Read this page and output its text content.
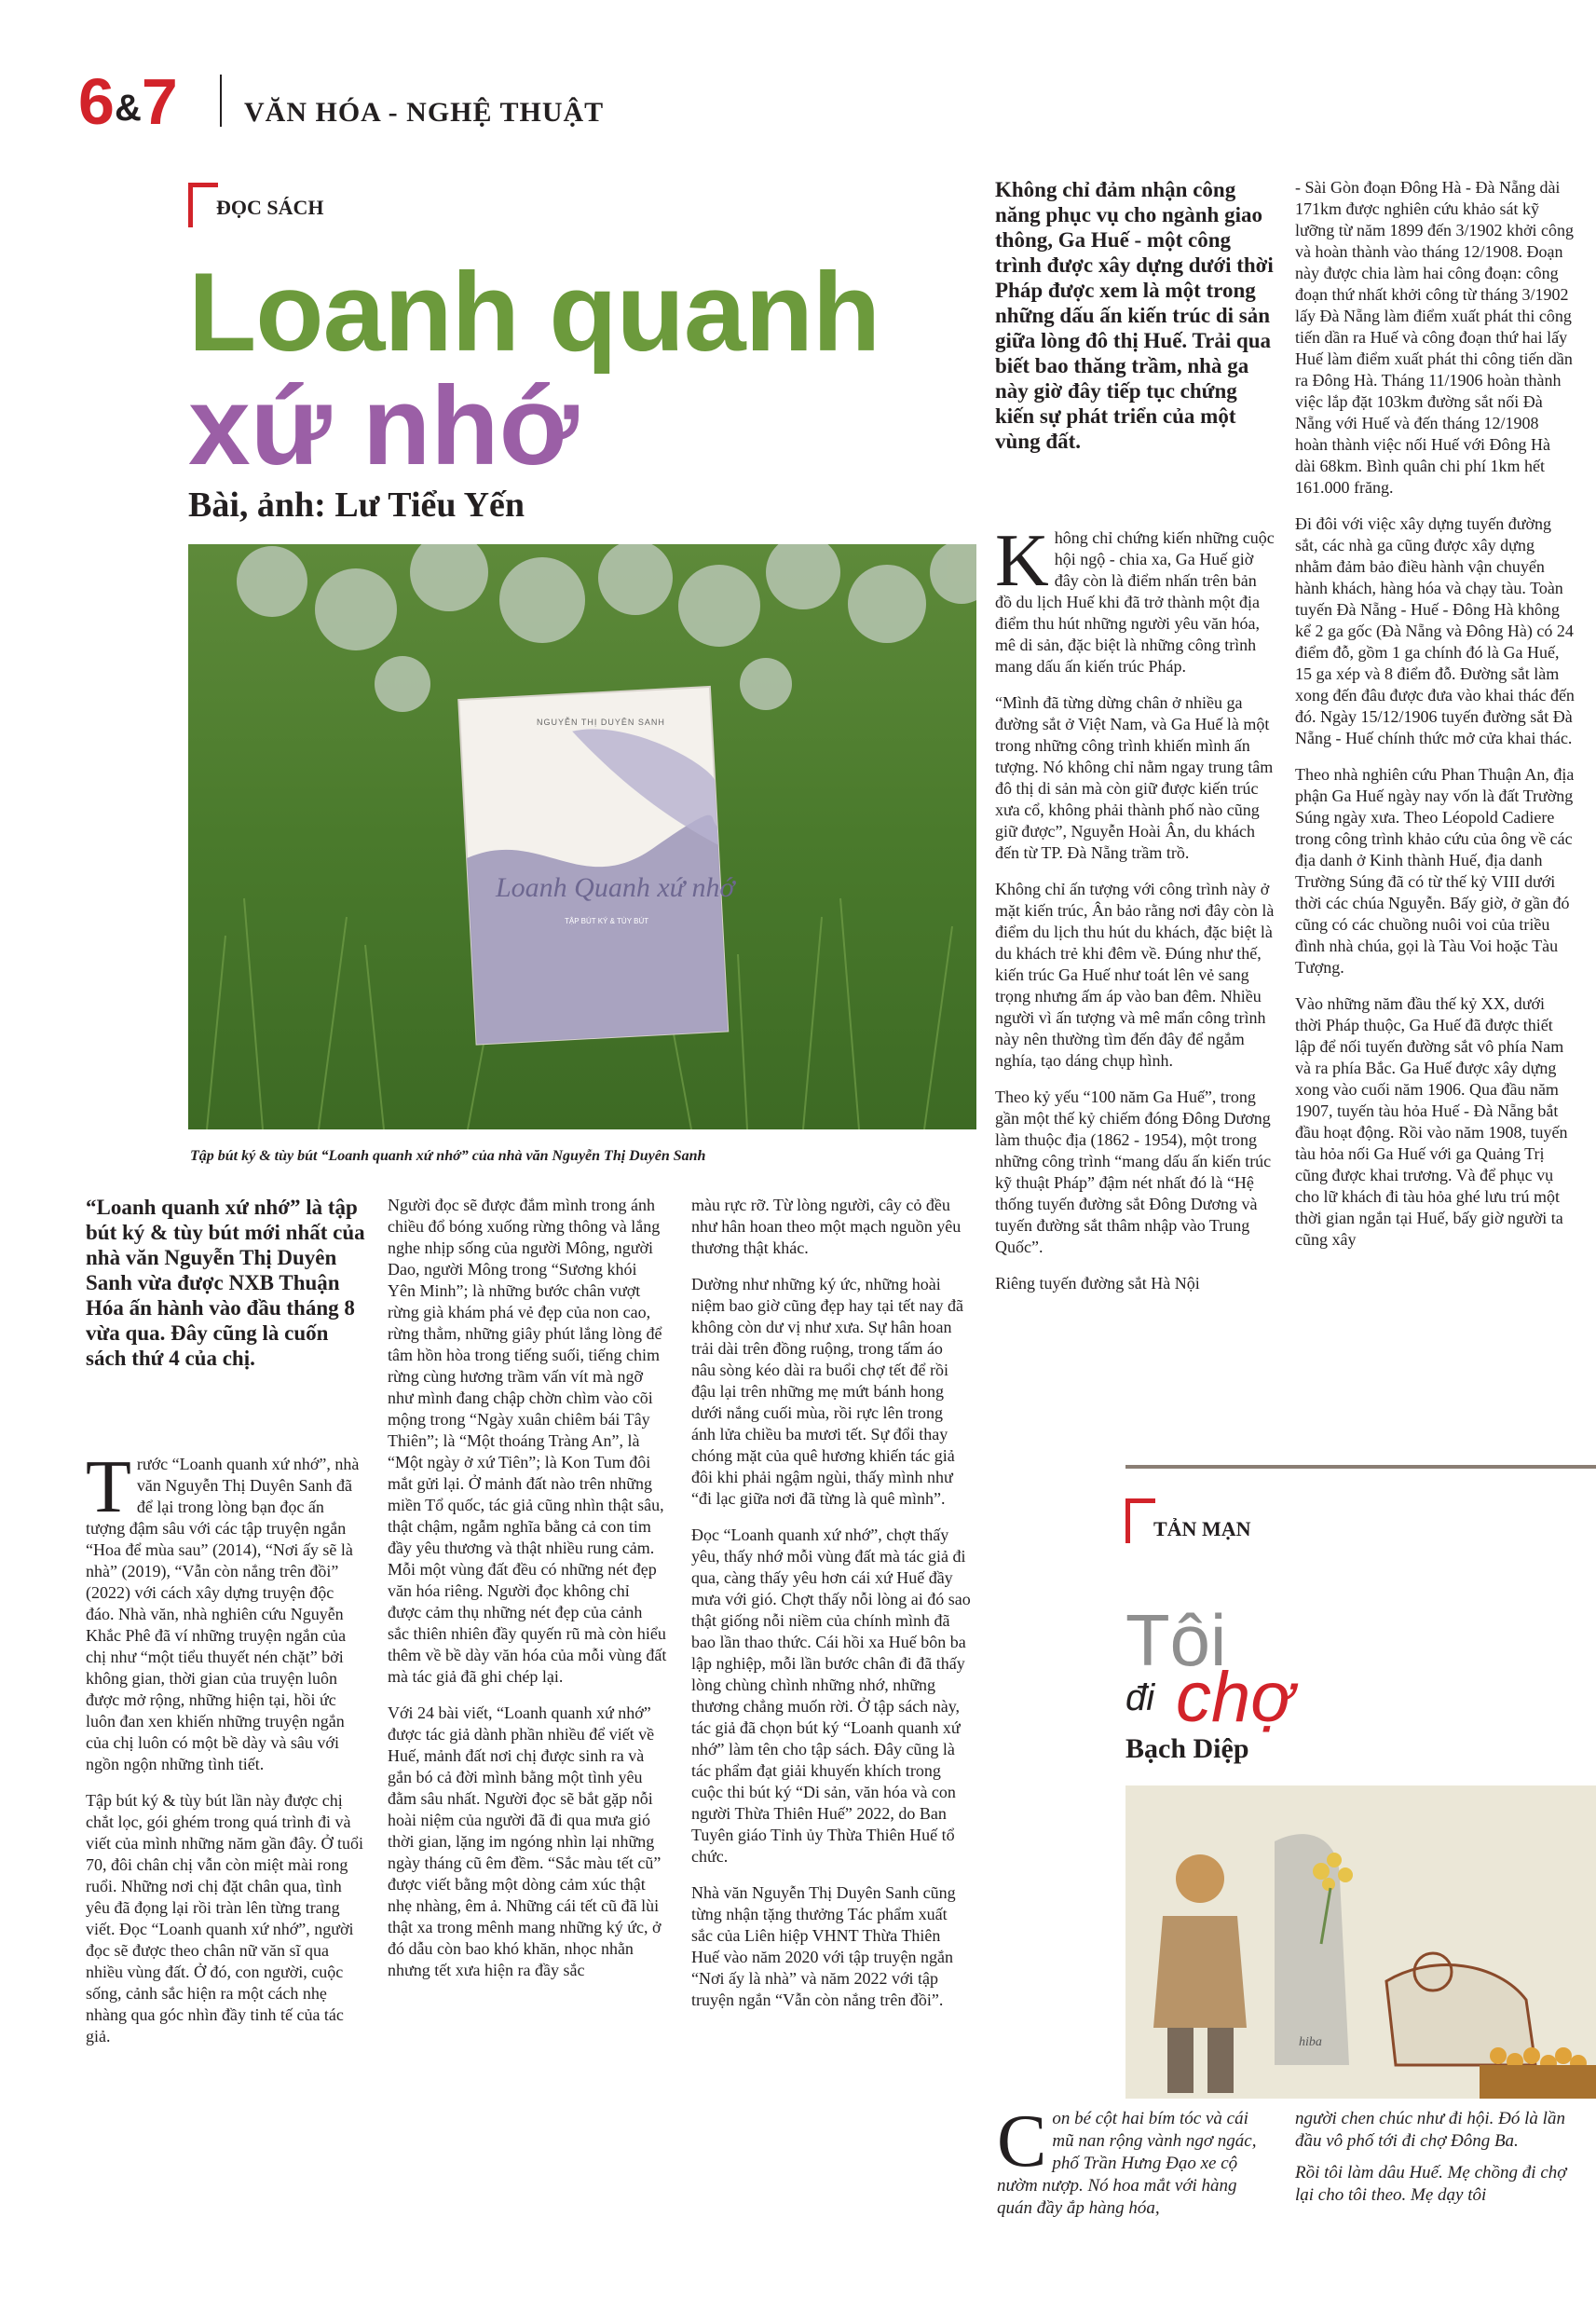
6&7 VĂN HÓA - NGHỆ THUẬT
ĐỌC SÁCH
Loanh quanh
xứ nhớ
Bài, ảnh: Lư Tiểu Yến
NGUYỄN THỊ DUYÊN SANH
Loanh Quanh xứ nhớ
TẬP BÚT KÝ & TÙY BÚT
Tập bút ký & tùy bút “Loanh quanh xứ nhớ” của nhà văn Nguyễn Thị Duyên Sanh
“Loanh quanh xứ nhớ” là tập bút ký & tùy bút mới nhất của nhà văn Nguyễn Thị Duyên Sanh vừa được NXB Thuận Hóa ấn hành vào đầu tháng 8 vừa qua. Đây cũng là cuốn sách thứ 4 của chị.

Trước “Loanh quanh xứ nhớ”, nhà văn Nguyễn Thị Duyên Sanh đã để lại trong lòng bạn đọc ấn tượng đậm sâu với các tập truyện ngắn “Hoa để mùa sau” (2014), “Nơi ấy sẽ là nhà” (2019), “Vẫn còn nắng trên đồi” (2022) với cách xây dựng truyện độc đáo. Nhà văn, nhà nghiên cứu Nguyễn Khắc Phê đã ví những truyện ngắn của chị như “một tiểu thuyết nén chặt” bởi không gian, thời gian của truyện luôn được mở rộng, những hiện tại, hồi ức luôn đan xen khiến những truyện ngắn của chị luôn có một bề dày và sâu với ngồn ngộn những tình tiết.

Tập bút ký & tùy bút lần này được chị chắt lọc, gói ghém trong quá trình đi và viết của mình những năm gần đây. Ở tuổi 70, đôi chân chị vẫn còn miệt mài rong ruổi. Những nơi chị đặt chân qua, tình yêu đã đọng lại rồi tràn lên từng trang viết. Đọc “Loanh quanh xứ nhớ”, người đọc sẽ được theo chân nữ văn sĩ qua nhiều vùng đất. Ở đó, con người, cuộc sống, cảnh sắc hiện ra một cách nhẹ nhàng qua góc nhìn đầy tinh tế của tác giả.

Người đọc sẽ được đắm mình trong ánh chiều đổ bóng xuống rừng thông và lắng nghe nhịp sống của người Mông, người Dao, người Mông trong “Sương khói Yên Minh”; là những bước chân vượt rừng già khám phá vẻ đẹp của non cao, rừng thẳm, những giây phút lắng lòng để tâm hồn hòa trong tiếng suối, tiếng chim rừng cùng hương trầm vấn vít mà ngỡ như mình đang chập chờn chìm vào cõi mộng trong “Ngày xuân chiêm bái Tây Thiên”; là “Một thoáng Tràng An”, là “Một ngày ở xứ Tiên”; là Kon Tum đôi mắt gửi lại. Ở mảnh đất nào trên những miền Tổ quốc, tác giả cũng nhìn thật sâu, thật chậm, ngẫm nghĩa bằng cả con tim đầy yêu thương và thật nhiều rung cảm. Mỗi một vùng đất đều có những nét đẹp văn hóa riêng. Người đọc không chỉ được cảm thụ những nét đẹp của cảnh sắc thiên nhiên đầy quyến rũ mà còn hiểu thêm về bề dày văn hóa của mỗi vùng đất mà tác giả đã ghi chép lại.

Với 24 bài viết, “Loanh quanh xứ nhớ” được tác giả dành phần nhiều để viết về Huế, mảnh đất nơi chị được sinh ra và gắn bó cả đời mình bằng một tình yêu đằm sâu nhất. Người đọc sẽ bắt gặp nỗi hoài niệm của người đã đi qua mưa gió thời gian, lặng im ngóng nhìn lại những ngày tháng cũ êm đềm. “Sắc màu tết cũ” được viết bằng một dòng cảm xúc thật nhẹ nhàng, êm ả. Những cái tết cũ đã lùi thật xa trong mênh mang những ký ức, ở đó dẫu còn bao khó khăn, nhọc nhằn nhưng tết xưa hiện ra đầy sắc

màu rực rỡ. Từ lòng người, cây cỏ đều như hân hoan theo một mạch nguồn yêu thương thật khác.

Dường như những ký ức, những hoài niệm bao giờ cũng đẹp hay tại tết nay đã không còn dư vị như xưa. Sự hân hoan trải dài trên đồng ruộng, trong tấm áo nâu sòng kéo dài ra buổi chợ tết để rồi đậu lại trên những mẹ mứt bánh hong dưới nắng cuối mùa, rồi rực lên trong ánh lửa chiều ba mươi tết. Sự đổi thay chóng mặt của quê hương khiến tác giả đôi khi phải ngậm ngùi, thấy mình như “đi lạc giữa nơi đã từng là quê mình”.

Đọc “Loanh quanh xứ nhớ”, chợt thấy yêu, thấy nhớ mỗi vùng đất mà tác giả đi qua, càng thấy yêu hơn cái xứ Huế đầy mưa với gió. Chợt thấy nỗi lòng ai đó sao thật giống nỗi niềm của chính mình đã bao lần thao thức. Cái hồi xa Huế bôn ba lập nghiệp, mỗi lần bước chân đi đã thấy lòng chùng chình những nhớ, những thương chẳng muốn rời. Ở tập sách này, tác giả đã chọn bút ký “Loanh quanh xứ nhớ” làm tên cho tập sách. Đây cũng là tác phẩm đạt giải khuyến khích trong cuộc thi bút ký “Di sản, văn hóa và con người Thừa Thiên Huế” 2022, do Ban Tuyên giáo Tỉnh ủy Thừa Thiên Huế tổ chức.

Nhà văn Nguyễn Thị Duyên Sanh cũng từng nhận tặng thưởng Tác phẩm xuất sắc của Liên hiệp VHNT Thừa Thiên Huế vào năm 2020 với tập truyện ngắn “Nơi ấy là nhà” và năm 2022 với tập truyện ngắn “Vẫn còn nắng trên đồi”.

Không chỉ đảm nhận công năng phục vụ cho ngành giao thông, Ga Huế - một công trình được xây dựng dưới thời Pháp được xem là một trong những dấu ấn kiến trúc di sản giữa lòng đô thị Huế. Trải qua biết bao thăng trầm, nhà ga này giờ đây tiếp tục chứng kiến sự phát triển của một vùng đất.

Không chỉ chứng kiến những cuộc hội ngộ - chia xa, Ga Huế giờ đây còn là điểm nhấn trên bản đồ du lịch Huế khi đã trở thành một địa điểm thu hút những người yêu văn hóa, mê di sản, đặc biệt là những công trình mang dấu ấn kiến trúc Pháp.

“Mình đã từng dừng chân ở nhiều ga đường sắt ở Việt Nam, và Ga Huế là một trong những công trình khiến mình ấn tượng. Nó không chỉ nằm ngay trung tâm đô thị di sản mà còn giữ được kiến trúc xưa cổ, không phải thành phố nào cũng giữ được”, Nguyễn Hoài Ân, du khách đến từ TP. Đà Nẵng trầm trồ.

Không chỉ ấn tượng với công trình này ở mặt kiến trúc, Ân bảo rằng nơi đây còn là điểm du lịch thu hút du khách, đặc biệt là du khách trẻ khi đêm về. Đúng như thế, kiến trúc Ga Huế như toát lên vẻ sang trọng nhưng ấm áp vào ban đêm. Nhiều người vì ấn tượng và mê mẩn công trình này nên thường tìm đến đây để ngắm nghía, tạo dáng chụp hình.

Theo kỷ yếu “100 năm Ga Huế”, trong gần một thế kỷ chiếm đóng Đông Dương làm thuộc địa (1862 - 1954), một trong những công trình “mang dấu ấn kiến trúc kỹ thuật Pháp” đậm nét nhất đó là “Hệ thống tuyến đường sắt Đông Dương và tuyến đường sắt thâm nhập vào Trung Quốc”.

Riêng tuyến đường sắt Hà Nội

- Sài Gòn đoạn Đông Hà - Đà Nẵng dài 171km được nghiên cứu khảo sát kỹ lưỡng từ năm 1899 đến 3/1902 khởi công và hoàn thành vào tháng 12/1908. Đoạn này được chia làm hai công đoạn: công đoạn thứ nhất khởi công từ tháng 3/1902 lấy Đà Nẵng làm điểm xuất phát thi công tiến dần ra Huế và công đoạn thứ hai lấy Huế làm điểm xuất phát thi công tiến dần ra Đông Hà. Tháng 11/1906 hoàn thành việc lắp đặt 103km đường sắt nối Đà Nẵng với Huế và đến tháng 12/1908 hoàn thành việc nối Huế với Đông Hà dài 68km. Bình quân chi phí 1km hết 161.000 frăng.

Đi đôi với việc xây dựng tuyến đường sắt, các nhà ga cũng được xây dựng nhằm đảm bảo điều hành vận chuyển hành khách, hàng hóa và chạy tàu. Toàn tuyến Đà Nẵng - Huế - Đông Hà không kể 2 ga gốc (Đà Nẵng và Đông Hà) có 24 điểm đỗ, gồm 1 ga chính đó là Ga Huế, 15 ga xép và 8 điểm đỗ. Đường sắt làm xong đến đâu được đưa vào khai thác đến đó. Ngày 15/12/1906 tuyến đường sắt Đà Nẵng - Huế chính thức mở cửa khai thác.

Theo nhà nghiên cứu Phan Thuận An, địa phận Ga Huế ngày nay vốn là đất Trường Súng ngày xưa. Theo Léopold Cadiere trong công trình khảo cứu của ông về các địa danh ở Kinh thành Huế, địa danh Trường Súng đã có từ thế kỷ VIII dưới thời các chúa Nguyễn. Bấy giờ, ở gần đó cũng có các chuồng nuôi voi của triều đình nhà chúa, gọi là Tàu Voi hoặc Tàu Tượng.

Vào những năm đầu thế kỷ XX, dưới thời Pháp thuộc, Ga Huế đã được thiết lập để nối tuyến đường sắt vô phía Nam và ra phía Bắc. Ga Huế được xây dựng xong vào cuối năm 1906. Qua đầu năm 1907, tuyến tàu hỏa Huế - Đà Nẵng bắt đầu hoạt động. Rồi vào năm 1908, tuyến tàu hỏa nối Ga Huế với ga Quảng Trị cũng được khai trương. Và để phục vụ cho lữ khách đi tàu hỏa ghé lưu trú một thời gian ngắn tại Huế, bấy giờ người ta cũng xây

TẢN MẠN
Tôi
đi chợ
Bạch Diệp
hiba
Con bé cột hai bím tóc và cái mũ nan rộng vành ngơ ngác, phố Trần Hưng Đạo xe cộ nườm nượp. Nó hoa mắt với hàng quán đầy ắp hàng hóa,

người chen chúc như đi hội. Đó là lần đầu vô phố tới đi chợ Đông Ba.

Rồi tôi làm dâu Huế. Mẹ chồng đi chợ lại cho tôi theo. Mẹ dạy tôi
